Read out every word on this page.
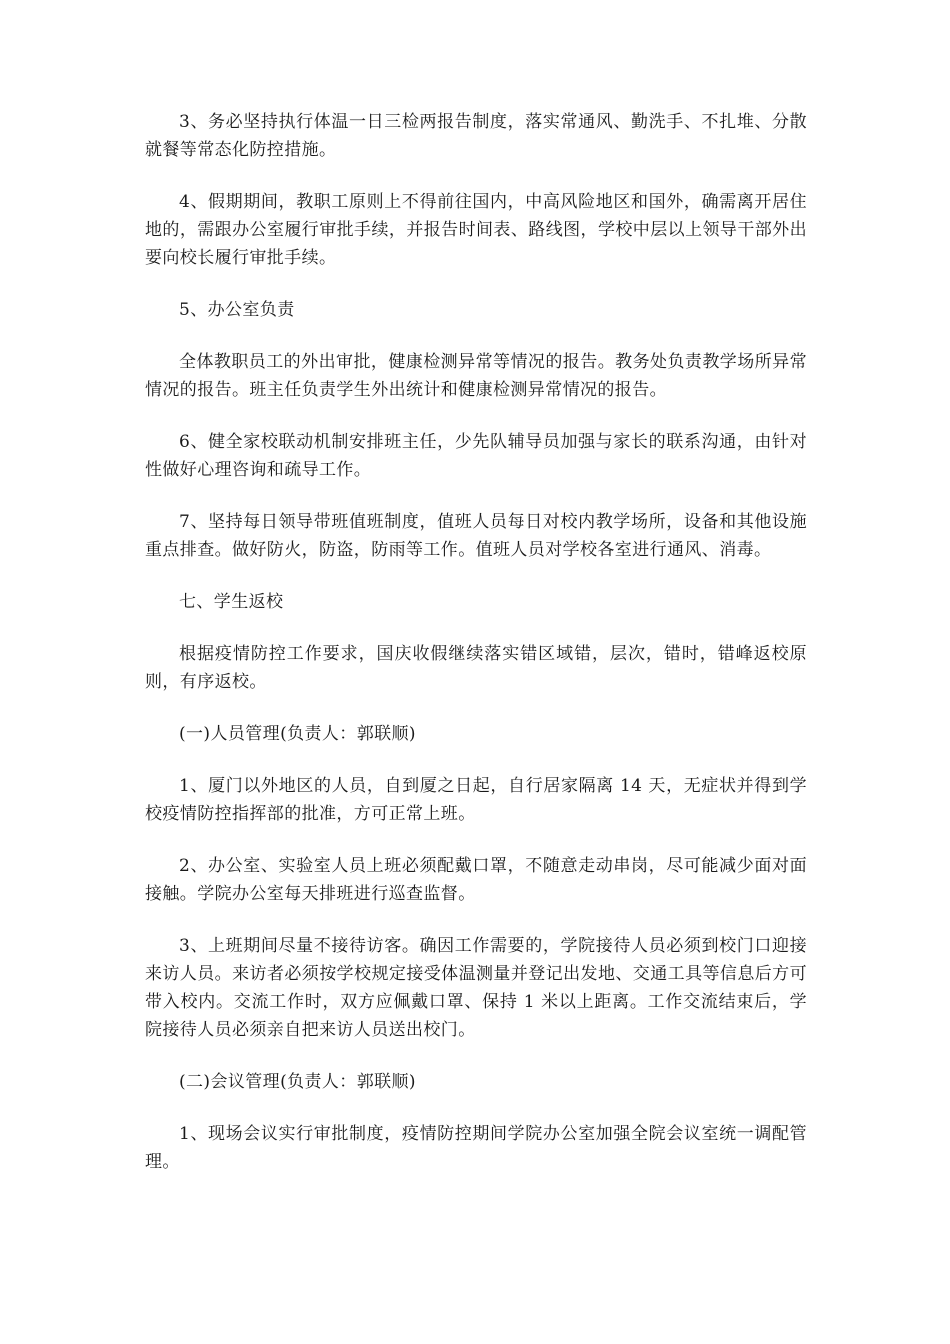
3、务必坚持执行体温一日三检两报告制度，落实常通风、勤洗手、不扎堆、分散就餐等常态化防控措施。

4、假期期间，教职工原则上不得前往国内，中高风险地区和国外，确需离开居住地的，需跟办公室履行审批手续，并报告时间表、路线图，学校中层以上领导干部外出要向校长履行审批手续。

5、办公室负责

全体教职员工的外出审批，健康检测异常等情况的报告。教务处负责教学场所异常情况的报告。班主任负责学生外出统计和健康检测异常情况的报告。

6、健全家校联动机制安排班主任，少先队辅导员加强与家长的联系沟通，由针对性做好心理咨询和疏导工作。

7、坚持每日领导带班值班制度，值班人员每日对校内教学场所，设备和其他设施重点排查。做好防火，防盗，防雨等工作。值班人员对学校各室进行通风、消毒。

七、学生返校

根据疫情防控工作要求，国庆收假继续落实错区域错，层次，错时，错峰返校原则，有序返校。

(一)人员管理(负责人：郭联顺)

1、厦门以外地区的人员，自到厦之日起，自行居家隔离 14 天，无症状并得到学校疫情防控指挥部的批准，方可正常上班。

2、办公室、实验室人员上班必须配戴口罩，不随意走动串岗，尽可能减少面对面接触。学院办公室每天排班进行巡查监督。

3、上班期间尽量不接待访客。确因工作需要的，学院接待人员必须到校门口迎接来访人员。来访者必须按学校规定接受体温测量并登记出发地、交通工具等信息后方可带入校内。交流工作时，双方应佩戴口罩、保持 1 米以上距离。工作交流结束后，学院接待人员必须亲自把来访人员送出校门。

(二)会议管理(负责人：郭联顺)

1、现场会议实行审批制度，疫情防控期间学院办公室加强全院会议室统一调配管理。
